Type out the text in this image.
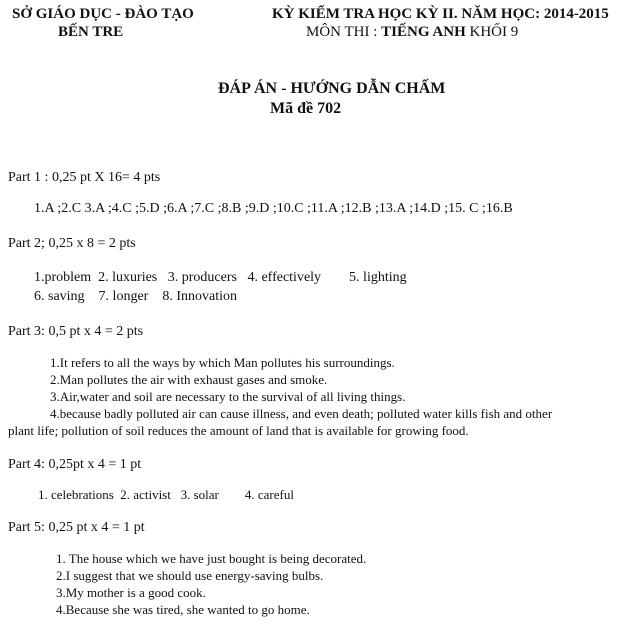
SỞ GIÁO DỤC - ĐÀO TẠO
BẾN TRE
KỲ KIỂM TRA HỌC KỲ II. NĂM HỌC: 2014-2015
MÔN THI : TIẾNG ANH KHỐI 9
ĐÁP ÁN - HƯỚNG DẪN CHẤM
Mã đề 702
Part 1 : 0,25 pt X 16= 4 pts
1.A ;2.C 3.A ;4.C ;5.D ;6.A ;7.C ;8.B ;9.D ;10.C ;11.A ;12.B ;13.A ;14.D ;15. C ;16.B
Part 2; 0,25 x 8 = 2 pts
1.problem  2. luxuries   3. producers   4. effectively        5. lighting
6. saving    7. longer    8. Innovation
Part 3: 0,5 pt x 4 = 2 pts
1.It refers to all the ways by which Man pollutes his surroundings.
2.Man pollutes the air with exhaust gases and smoke.
3.Air,water and soil are necessary to the survival of all living things.
4.because badly polluted air can cause illness, and even death; polluted water kills fish and other
plant life; pollution of soil reduces the amount of land that is available for growing food.
Part 4: 0,25pt x 4 = 1 pt
1. celebrations  2. activist   3. solar        4. careful
Part 5: 0,25 pt x 4 = 1 pt
1. The house which we have just bought is being decorated.
2.I suggest that we should use energy-saving bulbs.
3.My mother is a good cook.
4.Because she was tired, she wanted to go home.
